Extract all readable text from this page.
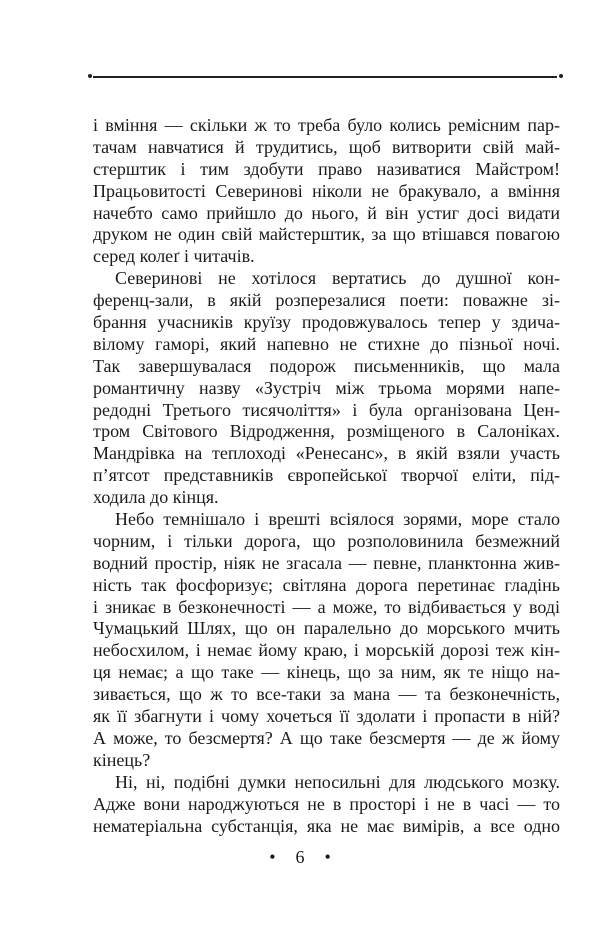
і вміння — скільки ж то треба було колись ремісним пар-
тачам навчатися й трудитись, щоб витворити свій май-
стерштик і тим здобути право називатися Майстром!
Працьовитості Северинові ніколи не бракувало, а вміння
начебто само прийшло до нього, й він устиг досі видати
друком не один свій майстерштик, за що втішався повагою
серед колеґ і читачів.
Северинові не хотілося вертатись до душної кон-
ференц-зали, в якій розперезалися поети: поважне зі-
брання учасників круїзу продовжувалось тепер у здича-
вілому гаморі, який напевно не стихне до пізньої ночі.
Так завершувалася подорож письменників, що мала
романтичну назву «Зустріч між трьома морями напе-
редодні Третього тисячоліття» і була організована Цен-
тром Світового Відродження, розміщеного в Салоніках.
Мандрівка на теплоході «Ренесанс», в якій взяли участь
п’ятсот представників європейської творчої еліти, під-
ходила до кінця.
Небо темнішало і врешті всіялося зорями, море стало
чорним, і тільки дорога, що розполовинила безмежний
водний простір, ніяк не згасала — певне, планктонна жив-
ність так фосфоризує; світляна дорога перетинає гладінь
і зникає в безконечності — а може, то відбивається у воді
Чумацький Шлях, що он паралельно до морського мчить
небосхилом, і немає йому краю, і морській дорозі теж кін-
ця немає; а що таке — кінець, що за ним, як те ніщо на-
зивається, що ж то все-таки за мана — та безконечність,
як її збагнути і чому хочеться її здолати і пропасти в ній?
А може, то безсмертя? А що таке безсмертя — де ж йому
кінець?
Ні, ні, подібні думки непосильні для людського мозку.
Адже вони народжуються не в просторі і не в часі — то
нематеріальна субстанція, яка не має вимірів, а все одно
• 6 •
